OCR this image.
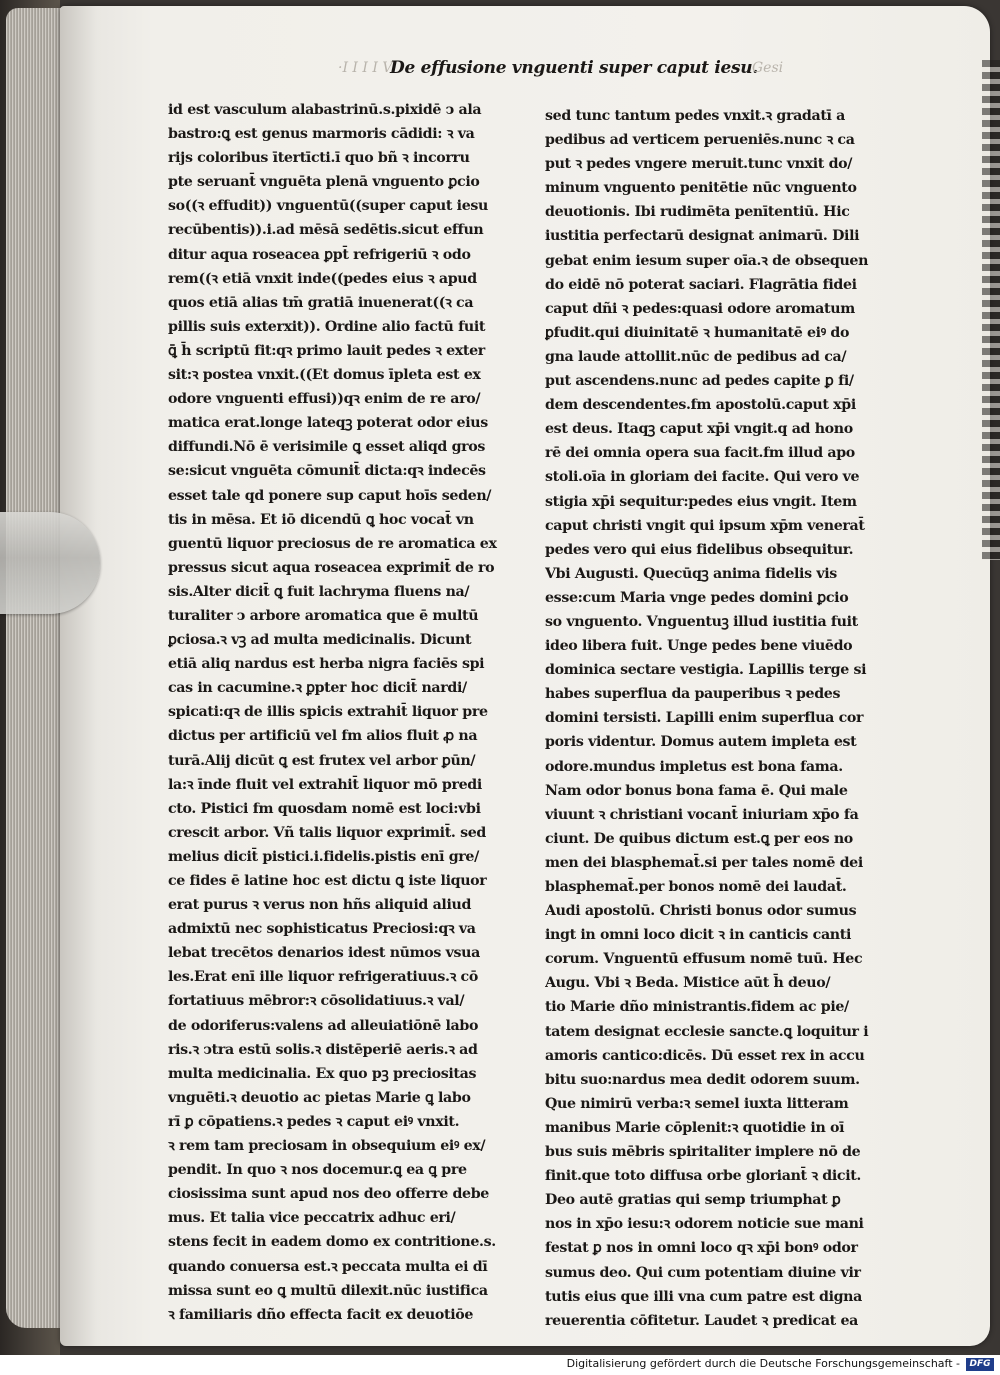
·I I I I V·
De effusione vnguenti super caput iesu.
Gesi
id est vasculum alabastrinū.s.pixidē ↄ ala
bastro:ꝗ est genus marmoris cādidi: ꝛ va
rijs coloribus ītertīcti.ī quo bñ ꝛ incorru
pte seruant̄ vnguēta plenā vnguento ꝑcio
so((ꝛ effudit)) vnguentū((super caput iesu
recūbentis)).i.ad mēsā sedētis.sicut effun
ditur aqua roseacea ꝑpt̄ refrigeriū ꝛ odo
rem((ꝛ etiā vnxit inde((pedes eius ꝛ apud
quos etiā alias tm̄ gratiā inuenerat((ꝛ ca
pillis suis exterxit)). Ordine alio factū fuit
ꝗ̄ h̄ scriptū fit:qꝛ primo lauit pedes ꝛ exter
sit:ꝛ postea vnxit.((Et domus īpleta est ex
odore vnguenti effusi))qꝛ enim de re aro/
matica erat.longe lateqꝫ poterat odor eius
diffundi.Nō ē verisimile ꝗ esset aliqd gros
se:sicut vnguēta cōmunit̄ dicta:qꝛ indecēs
esset tale qd ponere sup caput hoīs seden/
tis in mēsa. Et iō dicendū ꝗ hoc vocat̄ vn
guentū liquor preciosus de re aromatica ex
pressus sicut aqua roseacea exprimit̄ de ro
sis.Alter dicit̄ ꝗ fuit lachryma fluens na/
turaliter ↄ arbore aromatica que ē multū
ꝑciosa.ꝛ vꝫ ad multa medicinalis. Dicunt
etiā aliq nardus est herba nigra faciēs spi
cas in cacumine.ꝛ ꝑpter hoc dicit̄ nardi/
spicati:qꝛ de illis spicis extrahit̄ liquor pre
dictus per artificiū vel fm alios fluit ꝓ na
turā.Alij dicūt ꝗ est frutex vel arbor ꝑūn/
la:ꝛ īnde fluit vel extrahit̄ liquor mō predi
cto. Pistici fm quosdam nomē est loci:vbi
crescit arbor. Vñ talis liquor exprimit̄. sed
melius dicit̄ pistici.i.fidelis.pistis enī gre/
ce fides ē latine hoc est dictu ꝗ iste liquor
erat purus ꝛ verus non hñs aliquid aliud
admixtū nec sophisticatus Preciosi:qꝛ va
lebat trecētos denarios idest nūmos vsua
les.Erat enī ille liquor refrigeratiuus.ꝛ cō
fortatiuus mēbror:ꝛ cōsolidatiuus.ꝛ val/
de odoriferus:valens ad alleuiatiōnē labo
ris.ꝛ ↄtra estū solis.ꝛ distēperiē aeris.ꝛ ad
multa medicinalia. Ex quo pꝫ preciositas
vnguēti.ꝛ deuotio ac pietas Marie ꝗ labo
rī ꝑ cōpatiens.ꝛ pedes ꝛ caput eiꝰ vnxit.
ꝛ rem tam preciosam in obsequium eiꝰ ex/
pendit. In quo ꝛ nos docemur.ꝗ ea ꝗ pre
ciosissima sunt apud nos deo offerre debe
mus. Et talia vice peccatrix adhuc eri/
stens fecit in eadem domo ex contritione.s.
quando conuersa est.ꝛ peccata multa ei dī
missa sunt eo ꝗ multū dilexit.nūc iustifica
ꝛ familiaris dño effecta facit ex deuotiōe
sed tunc tantum pedes vnxit.ꝛ gradatī a
pedibus ad verticem perueniēs.nunc ꝛ ca
put ꝛ pedes vngere meruit.tunc vnxit do/
minum vnguento penitētie nūc vnguento
deuotionis. Ibi rudimēta penītentiū. Hic
iustitia perfectarū designat animarū. Dili
gebat enim iesum super oīa.ꝛ de obsequen
do eidē nō poterat saciari. Flagrātia fidei
caput dñi ꝛ pedes:quasi odore aromatum
ꝑfudit.qui diuinitatē ꝛ humanitatē eiꝰ do
gna laude attollit.nūc de pedibus ad ca/
put ascendens.nunc ad pedes capite ꝑ fi/
dem descendentes.fm apostolū.caput xp̄i
est deus. Itaqꝫ caput xp̄i vngit.q ad hono
rē dei omnia opera sua facit.fm illud apo
stoli.oīa in gloriam dei facite. Qui vero ve
stigia xp̄i sequitur:pedes eius vngit. Item
caput christi vngit qui ipsum xp̄m venerat̄
pedes vero qui eius fidelibus obsequitur.
Vbi Augusti. Quecūqꝫ anima fidelis vis
esse:cum Maria vnge pedes domini ꝑcio
so vnguento. Vnguentuꝫ illud iustitia fuit
ideo libera fuit. Unge pedes bene viuēdo
dominica sectare vestigia. Lapillis terge si
habes superflua da pauperibus ꝛ pedes
domini tersisti. Lapilli enim superflua cor
poris videntur. Domus autem impleta est
odore.mundus impletus est bona fama.
Nam odor bonus bona fama ē. Qui male
viuunt ꝛ christiani vocant̄ iniuriam xp̄o fa
ciunt. De quibus dictum est.ꝗ per eos no
men dei blasphemat̄.si per tales nomē dei
blasphemat̄.per bonos nomē dei laudat̄.
Audi apostolū. Christi bonus odor sumus
ingt in omni loco dicit ꝛ in canticis canti
corum. Vnguentū effusum nomē tuū. Hec
Augu. Vbi ꝛ Beda. Mistice aūt h̄ deuo/
tio Marie dño ministrantis.fidem ac pie/
tatem designat ecclesie sancte.ꝗ loquitur i
amoris cantico:dicēs. Dū esset rex in accu
bitu suo:nardus mea dedit odorem suum.
Que nimirū verba:ꝛ semel iuxta litteram
manibus Marie cōplenit:ꝛ quotidie in oī
bus suis mēbris spiritaliter implere nō de
finit.que toto diffusa orbe gloriant̄ ꝛ dicit.
Deo autē gratias qui semp triumphat ꝑ
nos in xp̄o iesu:ꝛ odorem noticie sue mani
festat ꝑ nos in omni loco qꝛ xp̄i bonꝰ odor
sumus deo. Qui cum potentiam diuine vir
tutis eius que illi vna cum patre est digna
reuerentia cōfitetur. Laudet ꝛ predicat ea
Digitalisierung gefördert durch die Deutsche Forschungsgemeinschaft -	DFG
